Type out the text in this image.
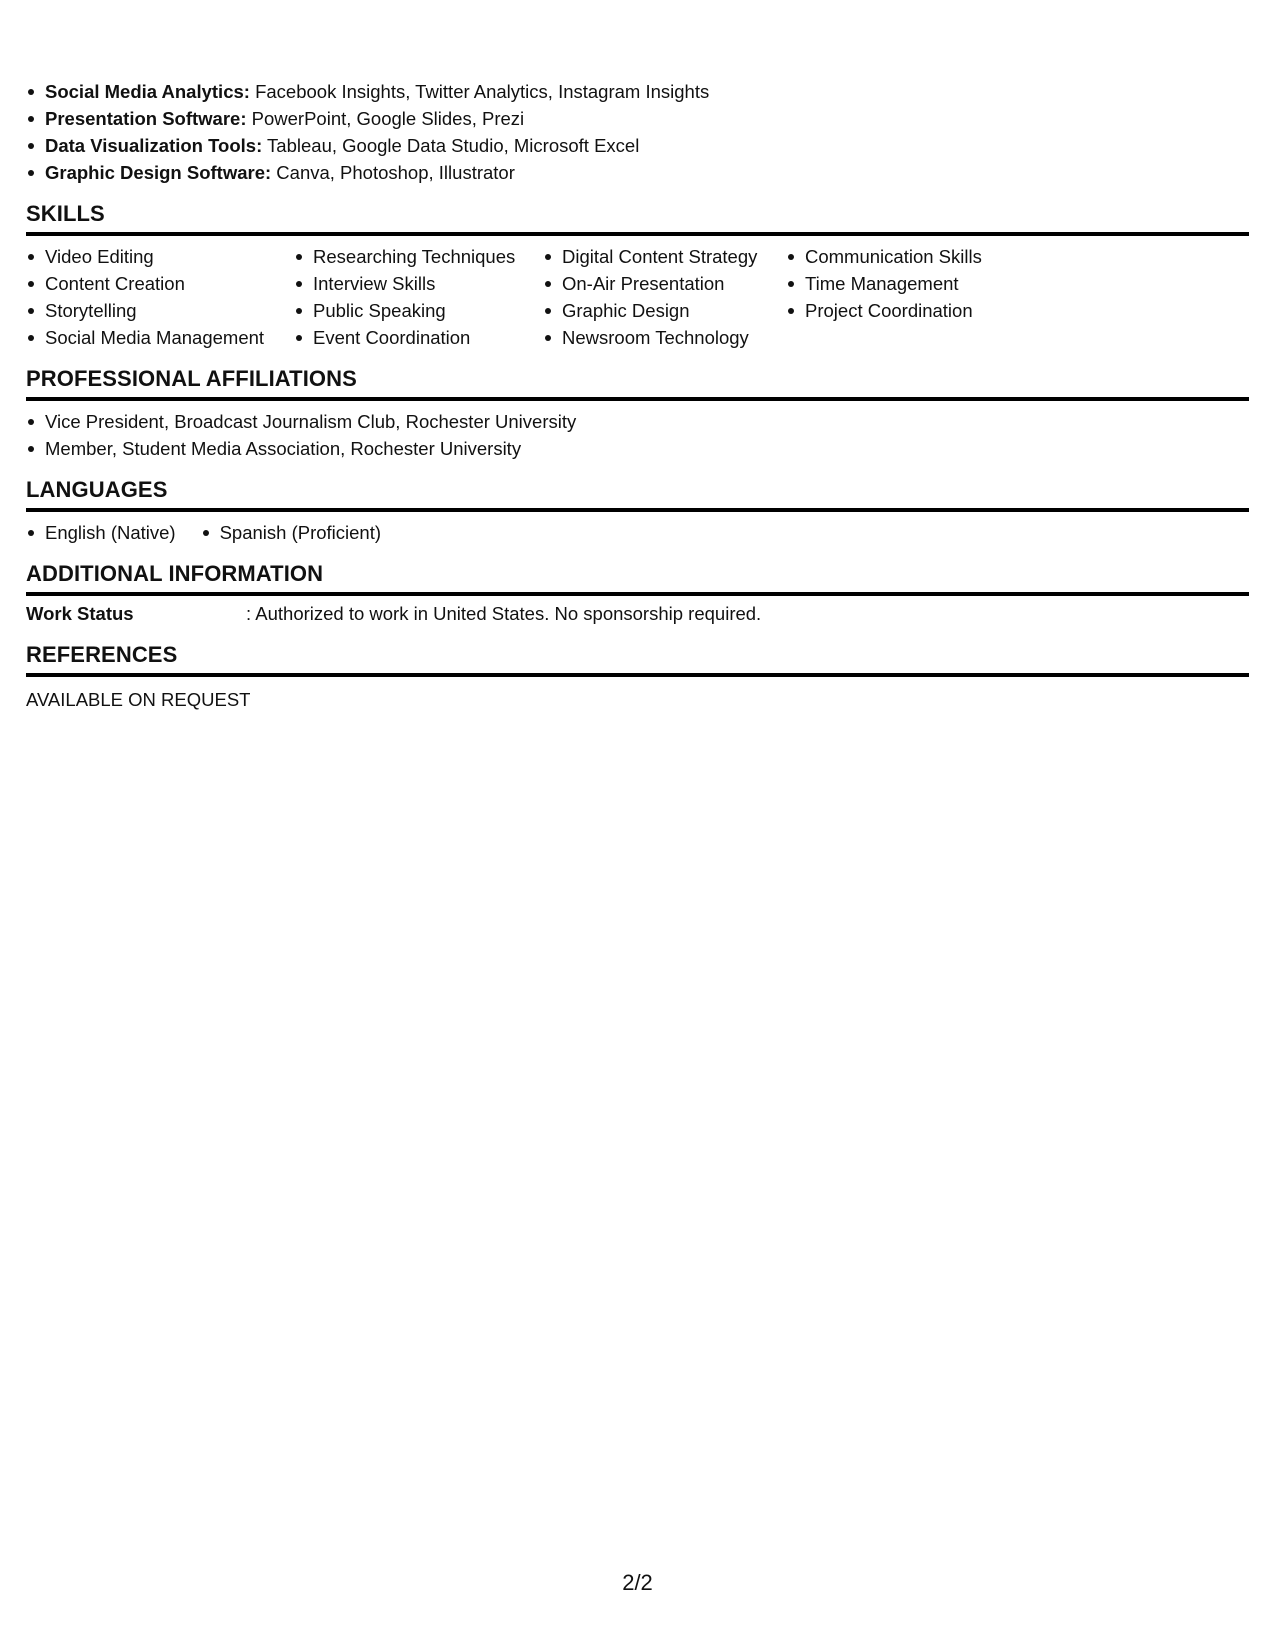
Social Media Analytics: Facebook Insights, Twitter Analytics, Instagram Insights
Presentation Software: PowerPoint, Google Slides, Prezi
Data Visualization Tools: Tableau, Google Data Studio, Microsoft Excel
Graphic Design Software: Canva, Photoshop, Illustrator
SKILLS
Video Editing
Content Creation
Storytelling
Social Media Management
Researching Techniques
Interview Skills
Public Speaking
Event Coordination
Digital Content Strategy
On-Air Presentation
Graphic Design
Newsroom Technology
Communication Skills
Time Management
Project Coordination
PROFESSIONAL AFFILIATIONS
Vice President, Broadcast Journalism Club, Rochester University
Member, Student Media Association, Rochester University
LANGUAGES
English (Native)	Spanish (Proficient)
ADDITIONAL INFORMATION
Work Status	: Authorized to work in United States. No sponsorship required.
REFERENCES
AVAILABLE ON REQUEST
2/2
